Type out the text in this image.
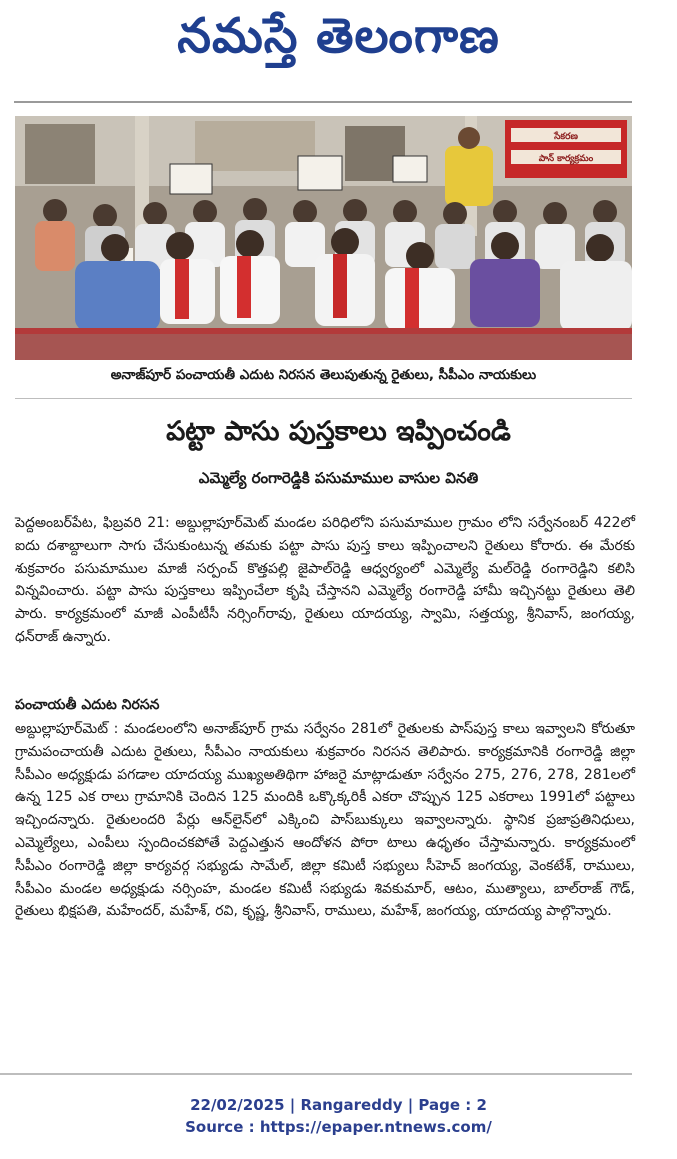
నమస్తే తెలంగాణ
సేకరణ
పాన్ కార్యక్రమం
అనాజ్‌పూర్ పంచాయతీ ఎదుట నిరసన తెలుపుతున్న రైతులు, సీపీఎం నాయకులు
పట్టా పాసు పుస్తకాలు ఇప్పించండి
ఎమ్మెల్యే రంగారెడ్డికి పసుమాముల వాసుల వినతి

పెద్దఅంబర్‌పేట, ఫిబ్రవరి 21: అబ్దుల్లాపూర్‌మెట్ మండల పరిధిలోని పసుమాముల గ్రామం లోని సర్వేనంబర్ 422లో ఐదు దశాబ్దాలుగా సాగు చేసుకుంటున్న తమకు పట్టా పాసు పుస్త కాలు ఇప్పించాలని రైతులు కోరారు. ఈ మేరకు శుక్రవారం పసుమాముల మాజీ సర్పంచ్ కొత్తపల్లి జైపాల్‌రెడ్డి ఆధ్వర్యంలో ఎమ్మెల్యే మల్‌రెడ్డి రంగారెడ్డిని కలిసి విన్నవించారు. పట్టా పాసు పుస్తకాలు ఇప్పించేలా కృషి చేస్తానని ఎమ్మెల్యే రంగారెడ్డి హామీ ఇచ్చినట్టు రైతులు తెలి పారు. కార్యక్రమంలో మాజీ ఎంపీటీసీ నర్సింగ్‌రావు, రైతులు యాదయ్య, స్వామి, సత్తయ్య, శ్రీనివాస్, జంగయ్య, ధన్‌రాజ్ ఉన్నారు.

పంచాయతీ ఎదుట నిరసన

అబ్దుల్లాపూర్‌మెట్ : మండలంలోని అనాజ్‌పూర్ గ్రామ సర్వేనం 281లో రైతులకు పాస్‌పుస్త కాలు ఇవ్వాలని కోరుతూ గ్రామపంచాయతీ ఎదుట రైతులు, సీపీఎం నాయకులు శుక్రవారం నిరసన తెలిపారు. కార్యక్రమానికి రంగారెడ్డి జిల్లా సీపీఎం అధ్యక్షుడు పగడాల యాదయ్య ముఖ్యఅతిథిగా హాజరై మాట్లాడుతూ సర్వేనం 275, 276, 278, 281లలో ఉన్న 125 ఎక రాలు గ్రామానికి చెందిన 125 మందికి ఒక్కొక్కరికీ ఎకరా చొప్పున 125 ఎకరాలు 1991లో పట్టాలు ఇచ్చిందన్నారు. రైతులందరి పేర్లు ఆన్‌లైన్‌లో ఎక్కించి పాస్‌బుక్కులు ఇవ్వాలన్నారు. స్థానిక ప్రజాప్రతినిధులు, ఎమ్మెల్యేలు, ఎంపీలు స్పందించకపోతే పెద్దఎత్తున ఆందోళన పోరా టాలు ఉధృతం చేస్తామన్నారు. కార్యక్రమంలో సీపీఎం రంగారెడ్డి జిల్లా కార్యవర్గ సభ్యుడు సామేల్, జిల్లా కమిటీ సభ్యులు సీహెచ్ జంగయ్య, వెంకటేశ్, రాములు, సీపీఎం మండల అధ్యక్షుడు నర్సింహ, మండల కమిటీ సభ్యుడు శివకుమార్, ఆటం, ముత్యాలు, బాల్‌రాజ్ గౌడ్, రైతులు భిక్షపతి, మహేందర్, మహేశ్, రవి, కృష్ణ, శ్రీనివాస్, రాములు, మహేశ్, జంగయ్య, యాదయ్య పాల్గొన్నారు.

22/02/2025 | Rangareddy | Page : 2
Source : https://epaper.ntnews.com/
